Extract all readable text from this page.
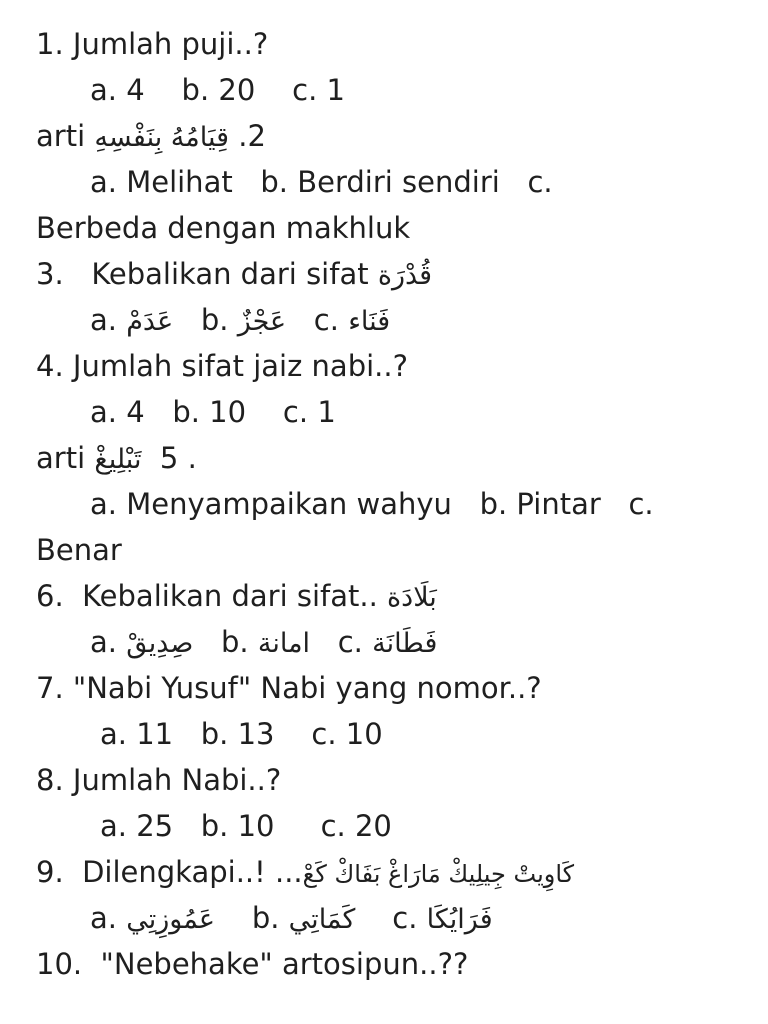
1. Jumlah puji..?
a. 4    b. 20    c. 1
arti قِيَامُهُ بِنَفْسِهِ .2
a. Melihat   b. Berdiri sendiri   c.
Berbeda dengan makhluk
3.   Kebalikan dari sifat قُدْرَة
a. عَدَمْ   b. عَجْزٌ   c. فَنَاء
4. Jumlah sifat jaiz nabi..?
a. 4   b. 10    c. 1
arti تَبْلِيغْ  5 .
a. Menyampaikan wahyu   b. Pintar   c.
Benar
6.  Kebalikan dari sifat.. بَلَادَة
a. صِدِيقْ   b. امانة   c. فَطَانَة
7. "Nabi Yusuf" Nabi yang nomor..?
a. 11   b. 13    c. 10
8. Jumlah Nabi..?
a. 25   b. 10     c. 20
9.  Dilengkapi..! ...كَاوِيتْ جِيلِيكْ مَارَاغْ بَفَاكْ كَعْ
a. عَمُوزِتِي    b. كَمَاتِي    c. فَرَايُكَا
10.  "Nebehake" artosipun..??
